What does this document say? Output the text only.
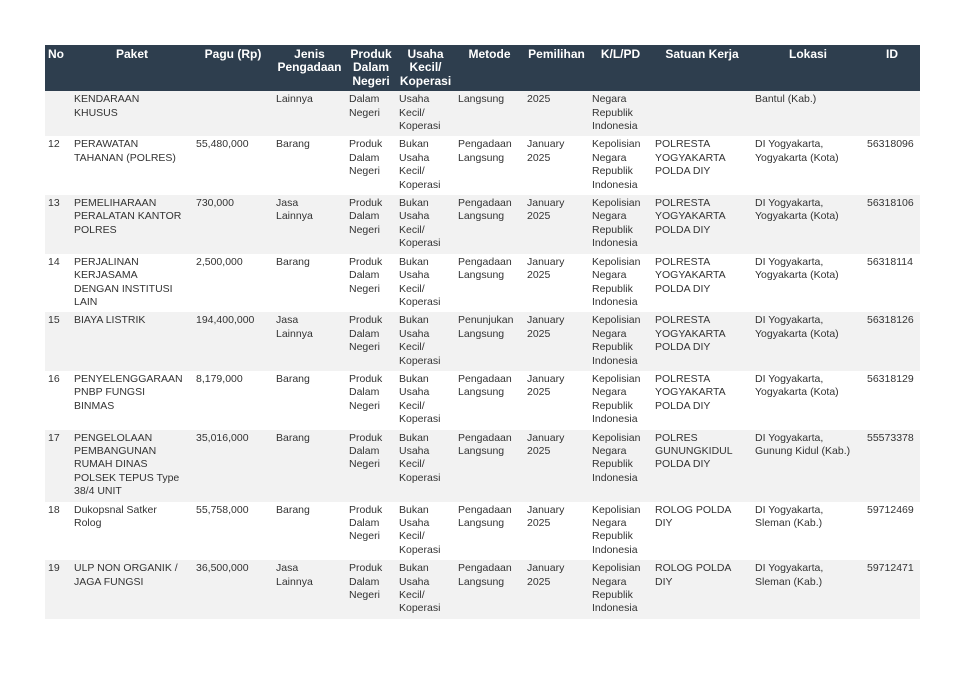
No	Paket	Pagu (Rp)	Jenis
Pengadaan	Produk
Dalam
Negeri	Usaha
Kecil/
Koperasi	Metode	Pemilihan	K/L/PD	Satuan Kerja	Lokasi	ID
	KENDARAAN
KHUSUS		Lainnya	Dalam
Negeri	Usaha
Kecil/
Koperasi	Langsung	2025	Negara
Republik
Indonesia		Bantul (Kab.)	
12	PERAWATAN
TAHANAN (POLRES)	55,480,000	Barang	Produk
Dalam
Negeri	Bukan
Usaha
Kecil/
Koperasi	Pengadaan
Langsung	January
2025	Kepolisian
Negara
Republik
Indonesia	POLRESTA
YOGYAKARTA
POLDA DIY	DI Yogyakarta,
Yogyakarta (Kota)	56318096
13	PEMELIHARAAN
PERALATAN KANTOR
POLRES	730,000	Jasa
Lainnya	Produk
Dalam
Negeri	Bukan
Usaha
Kecil/
Koperasi	Pengadaan
Langsung	January
2025	Kepolisian
Negara
Republik
Indonesia	POLRESTA
YOGYAKARTA
POLDA DIY	DI Yogyakarta,
Yogyakarta (Kota)	56318106
14	PERJALINAN
KERJASAMA
DENGAN INSTITUSI
LAIN	2,500,000	Barang	Produk
Dalam
Negeri	Bukan
Usaha
Kecil/
Koperasi	Pengadaan
Langsung	January
2025	Kepolisian
Negara
Republik
Indonesia	POLRESTA
YOGYAKARTA
POLDA DIY	DI Yogyakarta,
Yogyakarta (Kota)	56318114
15	BIAYA LISTRIK	194,400,000	Jasa
Lainnya	Produk
Dalam
Negeri	Bukan
Usaha
Kecil/
Koperasi	Penunjukan
Langsung	January
2025	Kepolisian
Negara
Republik
Indonesia	POLRESTA
YOGYAKARTA
POLDA DIY	DI Yogyakarta,
Yogyakarta (Kota)	56318126
16	PENYELENGGARAAN
PNBP FUNGSI
BINMAS	8,179,000	Barang	Produk
Dalam
Negeri	Bukan
Usaha
Kecil/
Koperasi	Pengadaan
Langsung	January
2025	Kepolisian
Negara
Republik
Indonesia	POLRESTA
YOGYAKARTA
POLDA DIY	DI Yogyakarta,
Yogyakarta (Kota)	56318129
17	PENGELOLAAN
PEMBANGUNAN
RUMAH DINAS
POLSEK TEPUS Type
38/4 UNIT	35,016,000	Barang	Produk
Dalam
Negeri	Bukan
Usaha
Kecil/
Koperasi	Pengadaan
Langsung	January
2025	Kepolisian
Negara
Republik
Indonesia	POLRES
GUNUNGKIDUL
POLDA DIY	DI Yogyakarta,
Gunung Kidul (Kab.)	55573378
18	Dukopsnal Satker
Rolog	55,758,000	Barang	Produk
Dalam
Negeri	Bukan
Usaha
Kecil/
Koperasi	Pengadaan
Langsung	January
2025	Kepolisian
Negara
Republik
Indonesia	ROLOG POLDA
DIY	DI Yogyakarta,
Sleman (Kab.)	59712469
19	ULP NON ORGANIK /
JAGA FUNGSI	36,500,000	Jasa
Lainnya	Produk
Dalam
Negeri	Bukan
Usaha
Kecil/
Koperasi	Pengadaan
Langsung	January
2025	Kepolisian
Negara
Republik
Indonesia	ROLOG POLDA
DIY	DI Yogyakarta,
Sleman (Kab.)	59712471
